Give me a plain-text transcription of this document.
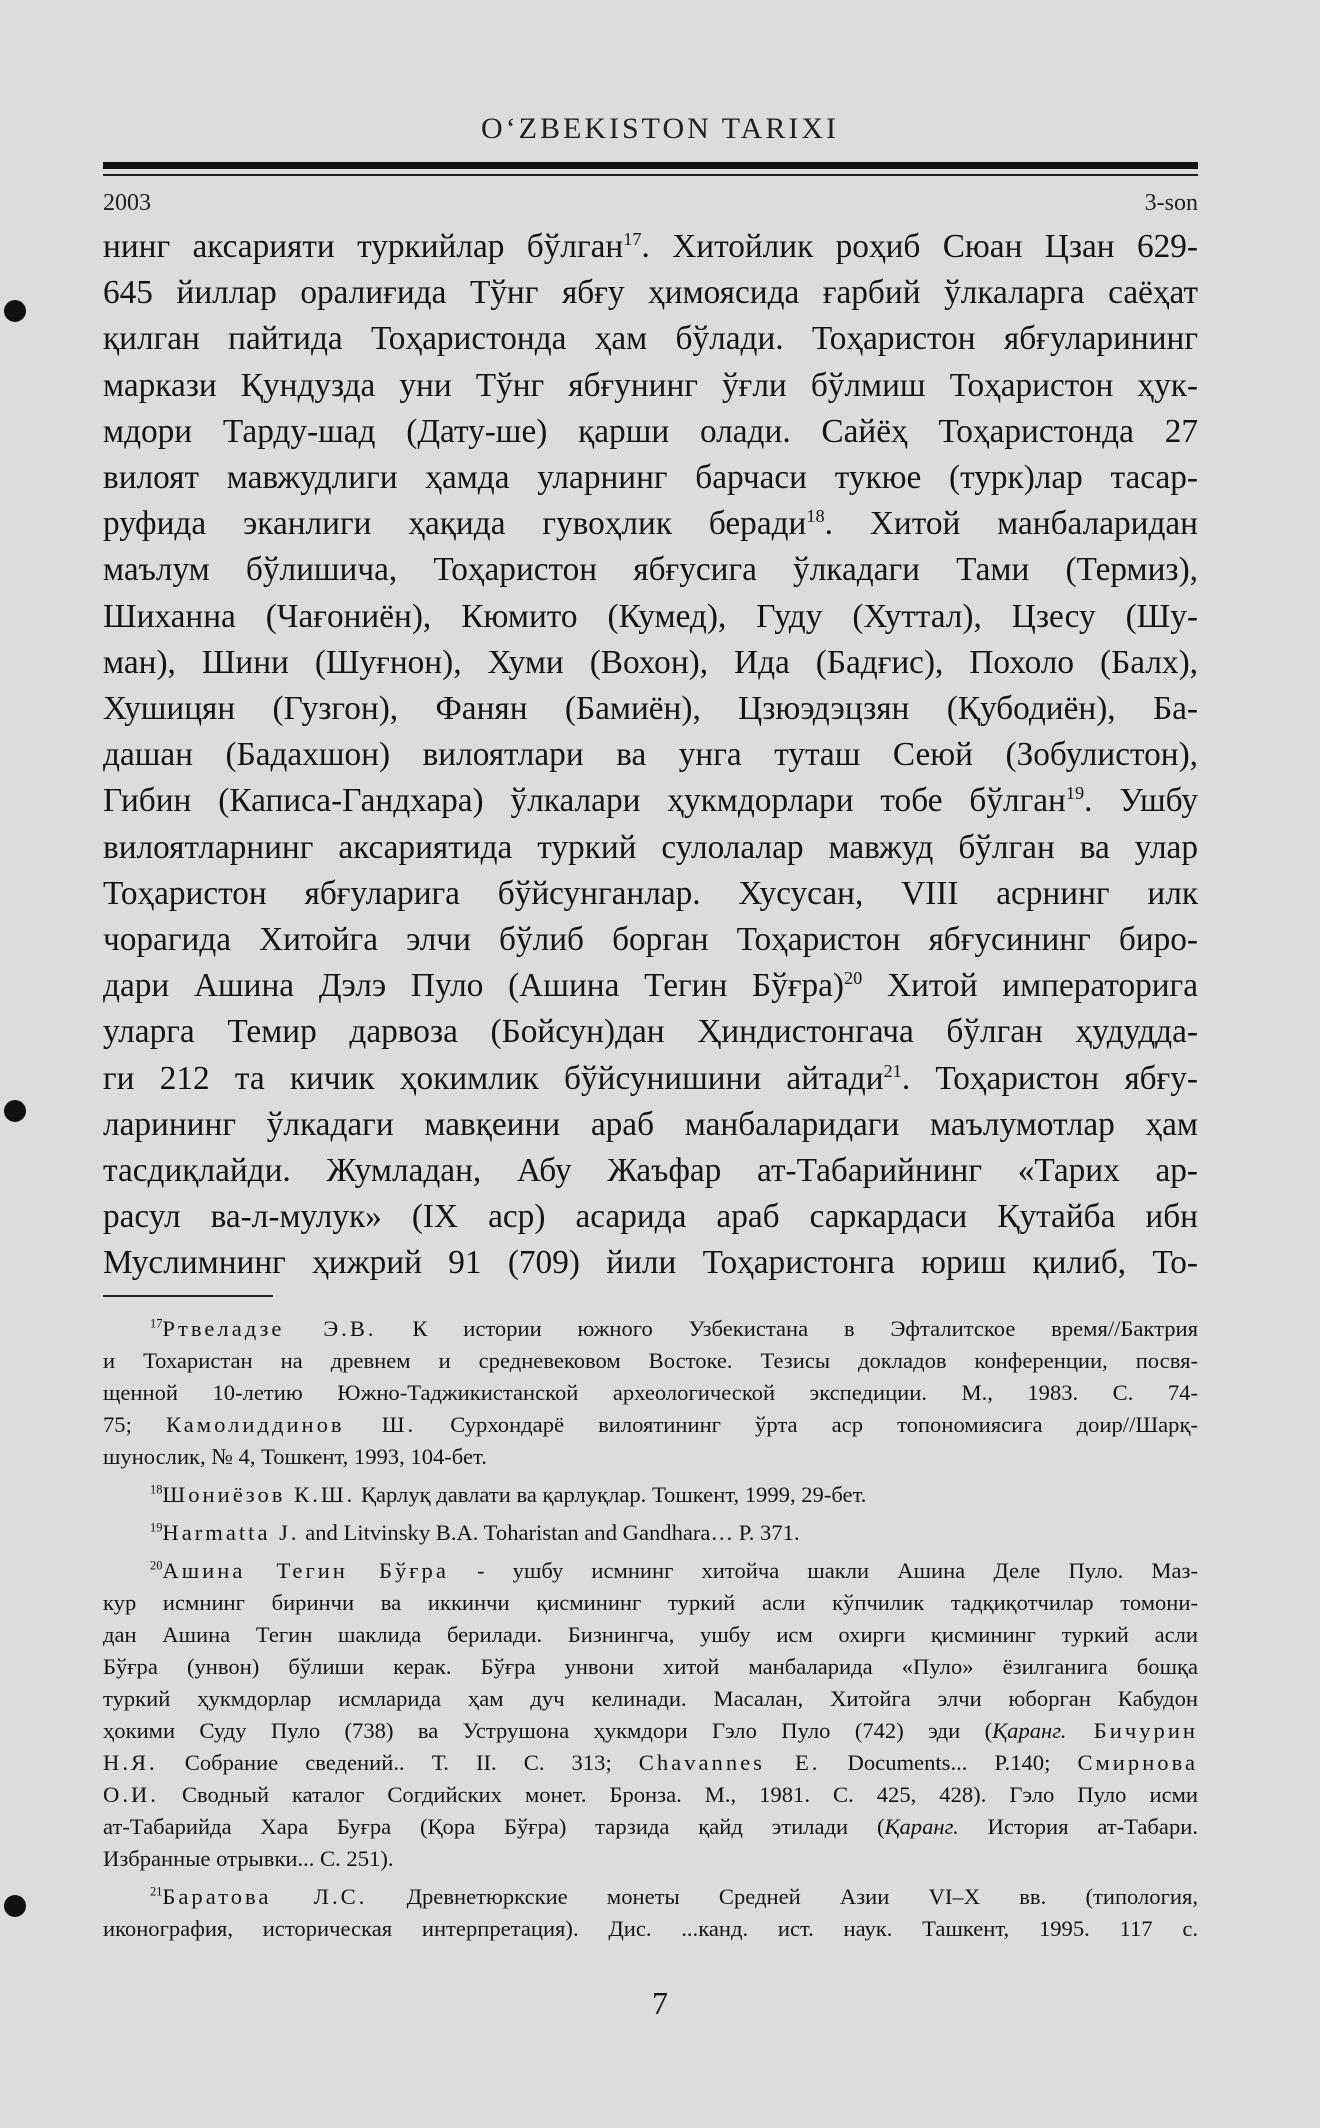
O‘ZBEKISTON TARIXI
2003	3-son
нинг аксарияти туркийлар бўлган$^{17}$. Хитойлик роҳиб Сюан Цзан 629-
645 йиллар оралиғида Тўнг ябғу ҳимоясида ғарбий ўлкаларга саёҳат
қилган пайтида Тоҳаристонда ҳам бўлади. Тоҳаристон ябғуларининг
маркази Қундузда уни Тўнг ябғунинг ўғли бўлмиш Тоҳаристон ҳук-
мдори Тарду-шад (Дату-ше) қарши олади. Сайёҳ Тоҳаристонда 27
вилоят мавжудлиги ҳамда уларнинг барчаси тукюе (турк)лар тасар-
руфида эканлиги ҳақида гувоҳлик беради$^{18}$. Хитой манбаларидан
маълум бўлишича, Тоҳаристон ябғусига ўлкадаги Тами (Термиз),
Шиханна (Чағониён), Кюмито (Кумед), Гуду (Хуттал), Цзесу (Шу-
ман), Шини (Шуғнон), Хуми (Вохон), Ида (Бадғис), Похоло (Балх),
Хушицян (Гузгон), Фанян (Бамиён), Цзюэдэцзян (Қубодиён), Ба-
дашан (Бадахшон) вилоятлари ва унга туташ Сеюй (Зобулистон),
Гибин (Каписа-Гандхара) ўлкалари ҳукмдорлари тобе бўлган$^{19}$. Ушбу
вилоятларнинг аксариятида туркий сулолалар мавжуд бўлган ва улар
Тоҳаристон ябғуларига бўйсунганлар. Хусусан, VIII асрнинг илк
чорагида Хитойга элчи бўлиб борган Тоҳаристон ябғусининг биро-
дари Ашина Дэлэ Пуло (Ашина Тегин Бўғра)$^{20}$ Хитой императорига
уларга Темир дарвоза (Бойсун)дан Ҳиндистонгача бўлган ҳудудда-
ги 212 та кичик ҳокимлик бўйсунишини айтади$^{21}$. Тоҳаристон ябғу-
ларининг ўлкадаги мавқеини араб манбаларидаги маълумотлар ҳам
тасдиқлайди. Жумладан, Абу Жаъфар ат-Табарийнинг «Тарих ар-
расул ва-л-мулук» (IX аср) асарида араб саркардаси Қутайба ибн
Муслимнинг ҳижрий 91 (709) йили Тоҳаристонга юриш қилиб, То-
$^{17}$Ртвеладзе Э.В. К истории южного Узбекистана в Эфталитское время//Бактрия
и Тохаристан на древнем и средневековом Востоке. Тезисы докладов конференции, посвя-
щенной 10-летию Южно-Таджикистанской археологической экспедиции. М., 1983. С. 74-
75; Камолиддинов Ш. Сурхондарё вилоятининг ўрта аср топономиясига доир//Шарқ-
шунослик, № 4, Тошкент, 1993, 104-бет.
$^{18}$Шониёзов К.Ш. Қарлуқ давлати ва қарлуқлар. Тошкент, 1999, 29-бет.
$^{19}$Harmatta J. and Litvinsky B.A. Toharistan and Gandhara… P. 371.
$^{20}$Ашина Тегин Бўғра - ушбу исмнинг хитойча шакли Ашина Деле Пуло. Маз-
кур исмнинг биринчи ва иккинчи қисмининг туркий асли кўпчилик тадқиқотчилар томони-
дан Ашина Тегин шаклида берилади. Бизнингча, ушбу исм охирги қисмининг туркий асли
Бўғра (унвон) бўлиши керак. Бўғра унвони хитой манбаларида «Пуло» ёзилганига бошқа
туркий ҳукмдорлар исмларида ҳам дуч келинади. Масалан, Хитойга элчи юборган Кабудон
ҳокими Суду Пуло (738) ва Уструшона ҳукмдори Гэло Пуло (742) эди (Қаранг. Бичурин
Н.Я. Собрание сведений.. Т. II. С. 313; Chavannes E. Documents... P.140; Смирнова
О.И. Сводный каталог Согдийских монет. Бронза. М., 1981. С. 425, 428). Гэло Пуло исми
ат-Табарийда Хара Буғра (Қора Бўғра) тарзида қайд этилади (Қаранг. История ат-Табари.
Избранные отрывки... С. 251).
$^{21}$Баратова Л.С. Древнетюркские монеты Средней Азии VI–X вв. (типология,
иконография, историческая интерпретация). Дис. ...канд. ист. наук. Ташкент, 1995. 117 с.
7
